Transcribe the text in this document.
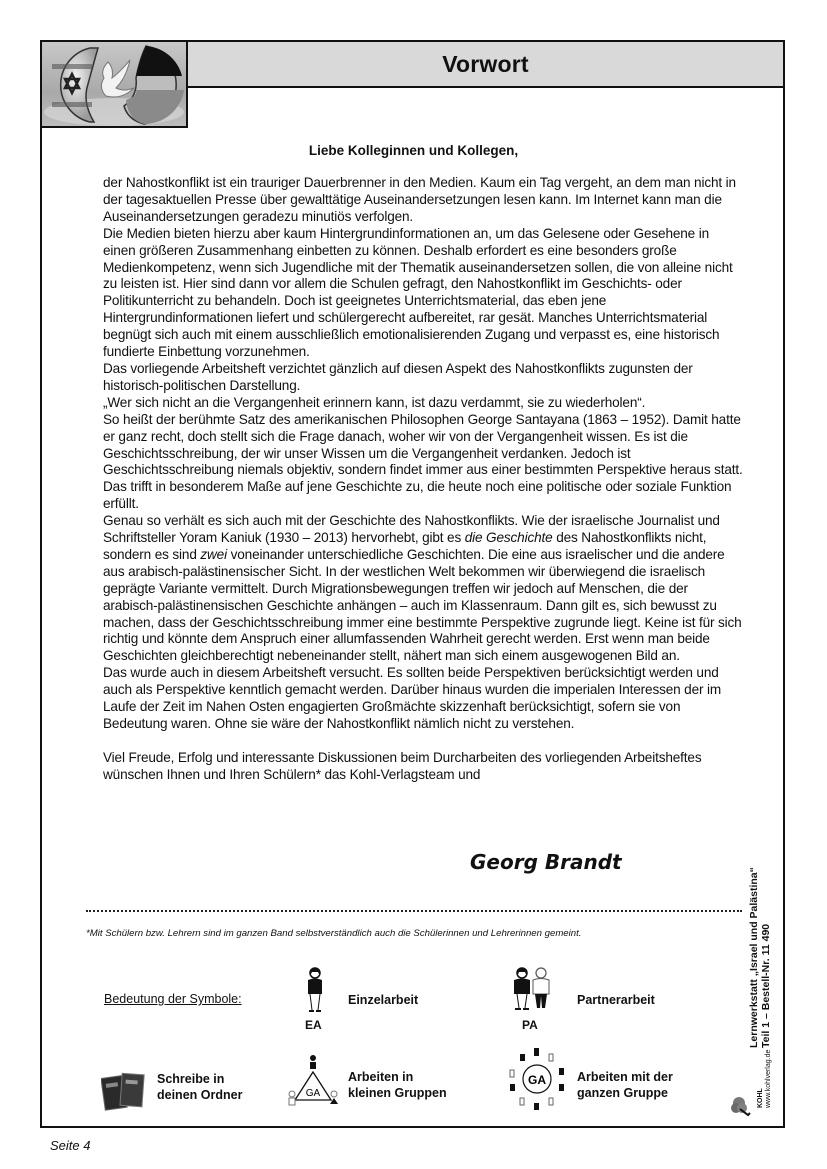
Vorwort
Liebe Kolleginnen und Kollegen,

der Nahostkonflikt ist ein trauriger Dauerbrenner in den Medien. Kaum ein Tag vergeht, an dem man nicht in der tagesaktuellen Presse über gewalttätige Auseinandersetzungen lesen kann. Im Internet kann man die Auseinandersetzungen geradezu minutiös verfolgen.

Die Medien bieten hierzu aber kaum Hintergrundinformationen an, um das Gelesene oder Gesehene in einen größeren Zusammenhang einbetten zu können. Deshalb erfordert es eine besonders große Medienkompetenz, wenn sich Jugendliche mit der Thematik auseinandersetzen sollen, die von alleine nicht zu leisten ist. Hier sind dann vor allem die Schulen gefragt, den Nahostkonflikt im Geschichts- oder Politikunterricht zu behandeln. Doch ist geeignetes Unterrichtsmaterial, das eben jene Hintergrundinformationen liefert und schülergerecht aufbereitet, rar gesät. Manches Unterrichtsmaterial begnügt sich auch mit einem ausschließlich emotionalisierenden Zugang und verpasst es, eine historisch fundierte Einbettung vorzunehmen.

Das vorliegende Arbeitsheft verzichtet gänzlich auf diesen Aspekt des Nahostkonflikts zugunsten der historisch-politischen Darstellung.

„Wer sich nicht an die Vergangenheit erinnern kann, ist dazu verdammt, sie zu wiederholen“.

So heißt der berühmte Satz des amerikanischen Philosophen George Santayana (1863 – 1952). Damit hatte er ganz recht, doch stellt sich die Frage danach, woher wir von der Vergangenheit wissen. Es ist die Geschichtsschreibung, der wir unser Wissen um die Vergangenheit verdanken. Jedoch ist Geschichtsschreibung niemals objektiv, sondern findet immer aus einer bestimmten Perspektive heraus statt. Das trifft in besonderem Maße auf jene Geschichte zu, die heute noch eine politische oder soziale Funktion erfüllt.

Genau so verhält es sich auch mit der Geschichte des Nahostkonflikts. Wie der israelische Journalist und Schriftsteller Yoram Kaniuk (1930 – 2013) hervorhebt, gibt es die Geschichte des Nahostkonflikts nicht, sondern es sind zwei voneinander unterschiedliche Geschichten. Die eine aus israelischer und die andere aus arabisch-palästinensischer Sicht. In der westlichen Welt bekommen wir überwiegend die israelisch geprägte Variante vermittelt. Durch Migrationsbewegungen treffen wir jedoch auf Menschen, die der arabisch-palästinensischen Geschichte anhängen – auch im Klassenraum. Dann gilt es, sich bewusst zu machen, dass der Geschichtsschreibung immer eine bestimmte Perspektive zugrunde liegt. Keine ist für sich richtig und könnte dem Anspruch einer allumfassenden Wahrheit gerecht werden. Erst wenn man beide Geschichten gleichberechtigt nebeneinander stellt, nähert man sich einem ausgewogenen Bild an.

Das wurde auch in diesem Arbeitsheft versucht. Es sollten beide Perspektiven berücksichtigt werden und auch als Perspektive kenntlich gemacht werden. Darüber hinaus wurden die imperialen Interessen der im Laufe der Zeit im Nahen Osten engagierten Großmächte skizzenhaft berücksichtigt, sofern sie von Bedeutung waren. Ohne sie wäre der Nahostkonflikt nämlich nicht zu verstehen.

Viel Freude, Erfolg und interessante Diskussionen beim Durcharbeiten des vorliegenden Arbeitsheftes wünschen Ihnen und Ihren Schülern* das Kohl-Verlagsteam und

Georg Brandt
*Mit Schülern bzw. Lehrern sind im ganzen Band selbstverständlich auch die Schülerinnen und Lehrerinnen gemeint.
Bedeutung der Symbole:
EA
Einzelarbeit
PA
Partnerarbeit
Schreibe in
deinen Ordner	GA
Arbeiten in
kleinen Gruppen
GA Arbeiten mit der
ganzen Gruppe
Lernwerkstatt „Israel und Palästina“ Teil 1 – Bestell-Nr. 11 490
KOHL www.kohlverlag.de
Seite 4
